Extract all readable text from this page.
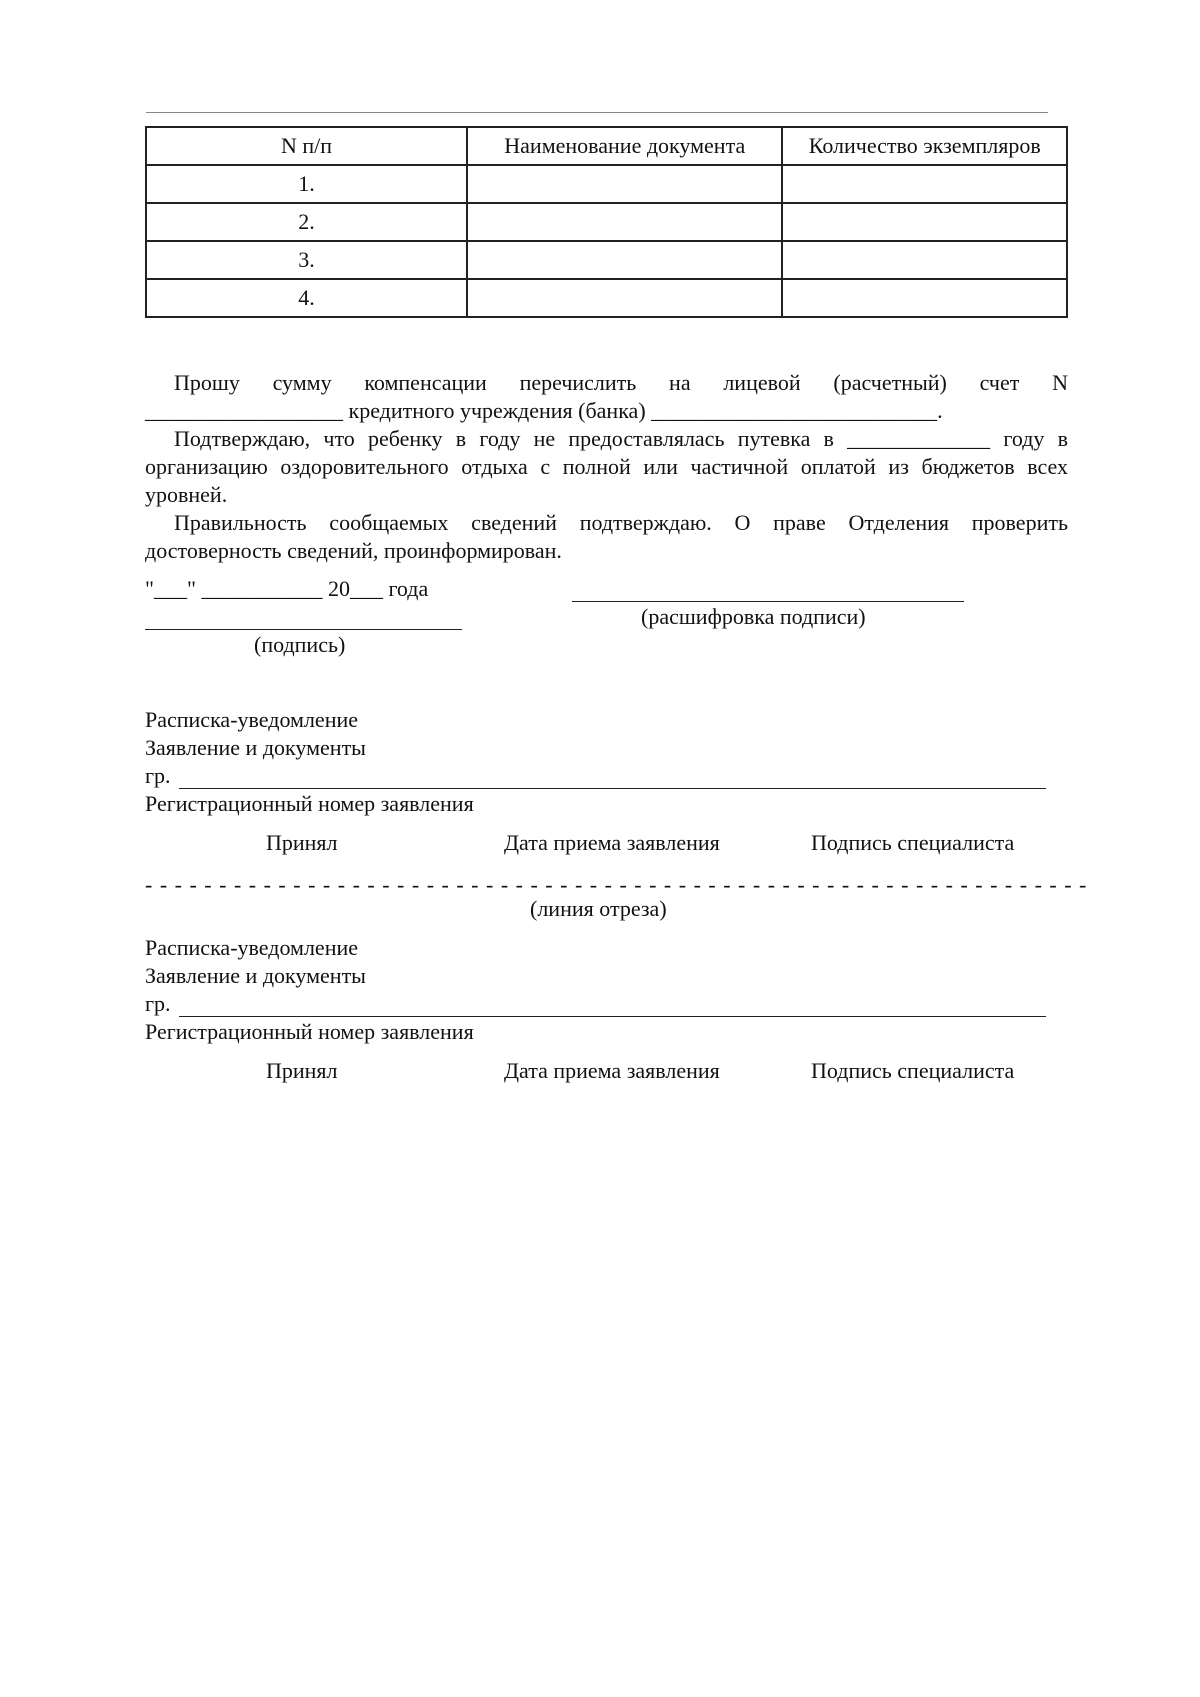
N п/п	Наименование документа	Количество экземпляров
1.		
2.		
3.		
4.		
Прошу сумму компенсации перечислить на лицевой (расчетный) счет N
__________________ кредитного учреждения (банка) __________________________.
Подтверждаю, что ребенку в году не предоставлялась путевка в _____________ году в организацию оздоровительного отдыха с полной или частичной оплатой из бюджетов всех уровней.
Правильность сообщаемых сведений подтверждаю. О праве Отделения проверить достоверность сведений, проинформирован.
"___" ___________ 20___ года
(расшифровка подписи)
(подпись)
Расписка-уведомление
Заявление и документы
гр.
Регистрационный номер заявления
Принял	Дата приема заявления	Подпись специалиста
- - - - - - - - - - - - - - - - - - - - - - - - - - - - - - - - - - - - - - - - - - - - - - - - - - - - - - - - - - - - - - - -
(линия отреза)
Расписка-уведомление
Заявление и документы
гр.
Регистрационный номер заявления
Принял	Дата приема заявления	Подпись специалиста
